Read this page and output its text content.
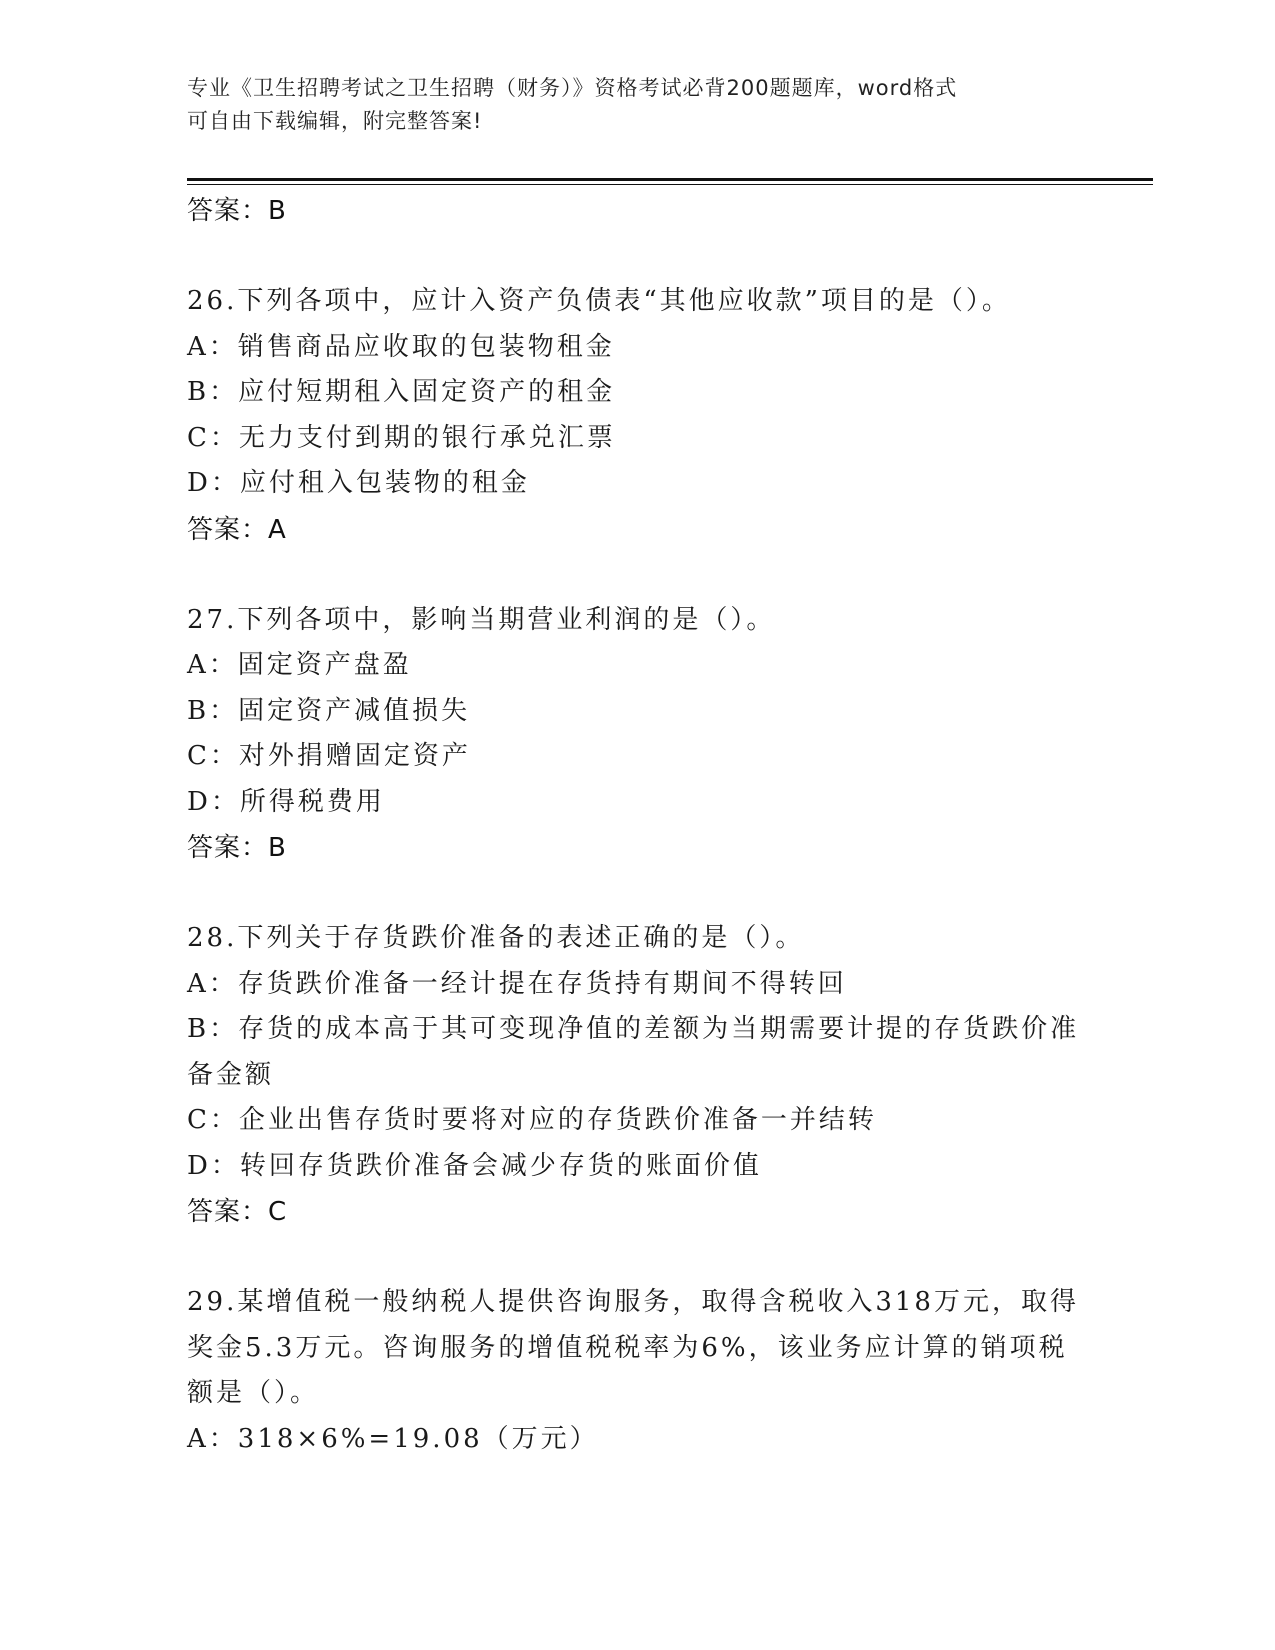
专业《卫生招聘考试之卫生招聘（财务）》资格考试必背200题题库，word格式
可自由下载编辑，附完整答案!
答案：B
26.下列各项中，应计入资产负债表“其他应收款”项目的是（）。
A：销售商品应收取的包装物租金
B：应付短期租入固定资产的租金
C：无力支付到期的银行承兑汇票
D：应付租入包装物的租金
答案：A
27.下列各项中，影响当期营业利润的是（）。
A：固定资产盘盈
B：固定资产减值损失
C：对外捐赠固定资产
D：所得税费用
答案：B
28.下列关于存货跌价准备的表述正确的是（）。
A：存货跌价准备一经计提在存货持有期间不得转回
B：存货的成本高于其可变现净值的差额为当期需要计提的存货跌价准
备金额
C：企业出售存货时要将对应的存货跌价准备一并结转
D：转回存货跌价准备会减少存货的账面价值
答案：C
29.某增值税一般纳税人提供咨询服务，取得含税收入318万元，取得
奖金5.3万元。咨询服务的增值税税率为6%，该业务应计算的销项税
额是（）。
A：318×6%=19.08（万元）
